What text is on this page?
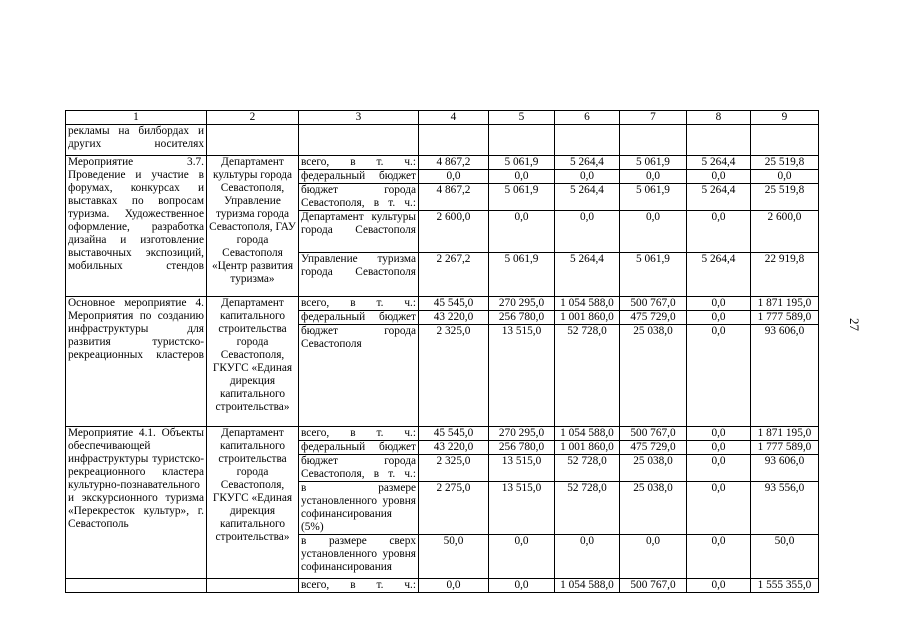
27
1	2	3	4	5	6	7	8	9
рекламы на билбордах и других носителях								
Мероприятие 3.7. Проведение и участие в форумах, конкурсах и выставках по вопросам туризма. Художественное оформление, разработка дизайна и изготовление выставочных экспозиций, мобильных стендов	Департамент культуры города Севастополя, Управление туризма города Севастополя, ГАУ города Севастополя «Центр развития туризма»	всего, в т. ч.:	4 867,2	5 061,9	5 264,4	5 061,9	5 264,4	25 519,8
		федеральный бюджет	0,0	0,0	0,0	0,0	0,0	0,0
		бюджет города Севастополя, в т. ч.:	4 867,2	5 061,9	5 264,4	5 061,9	5 264,4	25 519,8
		Департамент культуры города Севастополя	2 600,0	0,0	0,0	0,0	0,0	2 600,0
		Управление туризма города Севастополя	2 267,2	5 061,9	5 264,4	5 061,9	5 264,4	22 919,8
Основное мероприятие 4. Мероприятия по созданию инфраструктуры для развития туристско-рекреационных кластеров	Департамент капитального строительства города Севастополя, ГКУГС «Единая дирекция капитального строительства»	всего, в т. ч.:	45 545,0	270 295,0	1 054 588,0	500 767,0	0,0	1 871 195,0
		федеральный бюджет	43 220,0	256 780,0	1 001 860,0	475 729,0	0,0	1 777 589,0
		бюджет города Севастополя	2 325,0	13 515,0	52 728,0	25 038,0	0,0	93 606,0
Мероприятие 4.1. Объекты обеспечивающей инфраструктуры туристско-рекреационного кластера культурно-познавательного и экскурсионного туризма «Перекресток культур», г. Севастополь	Департамент капитального строительства города Севастополя, ГКУГС «Единая дирекция капитального строительства»	всего, в т. ч.:	45 545,0	270 295,0	1 054 588,0	500 767,0	0,0	1 871 195,0
		федеральный бюджет	43 220,0	256 780,0	1 001 860,0	475 729,0	0,0	1 777 589,0
		бюджет города Севастополя, в т. ч.:	2 325,0	13 515,0	52 728,0	25 038,0	0,0	93 606,0
		в размере установленного уровня софинансирования (5%)	2 275,0	13 515,0	52 728,0	25 038,0	0,0	93 556,0
		в размере сверх установленного уровня софинансирования	50,0	0,0	0,0	0,0	0,0	50,0
		всего, в т. ч.:	0,0	0,0	1 054 588,0	500 767,0	0,0	1 555 355,0
